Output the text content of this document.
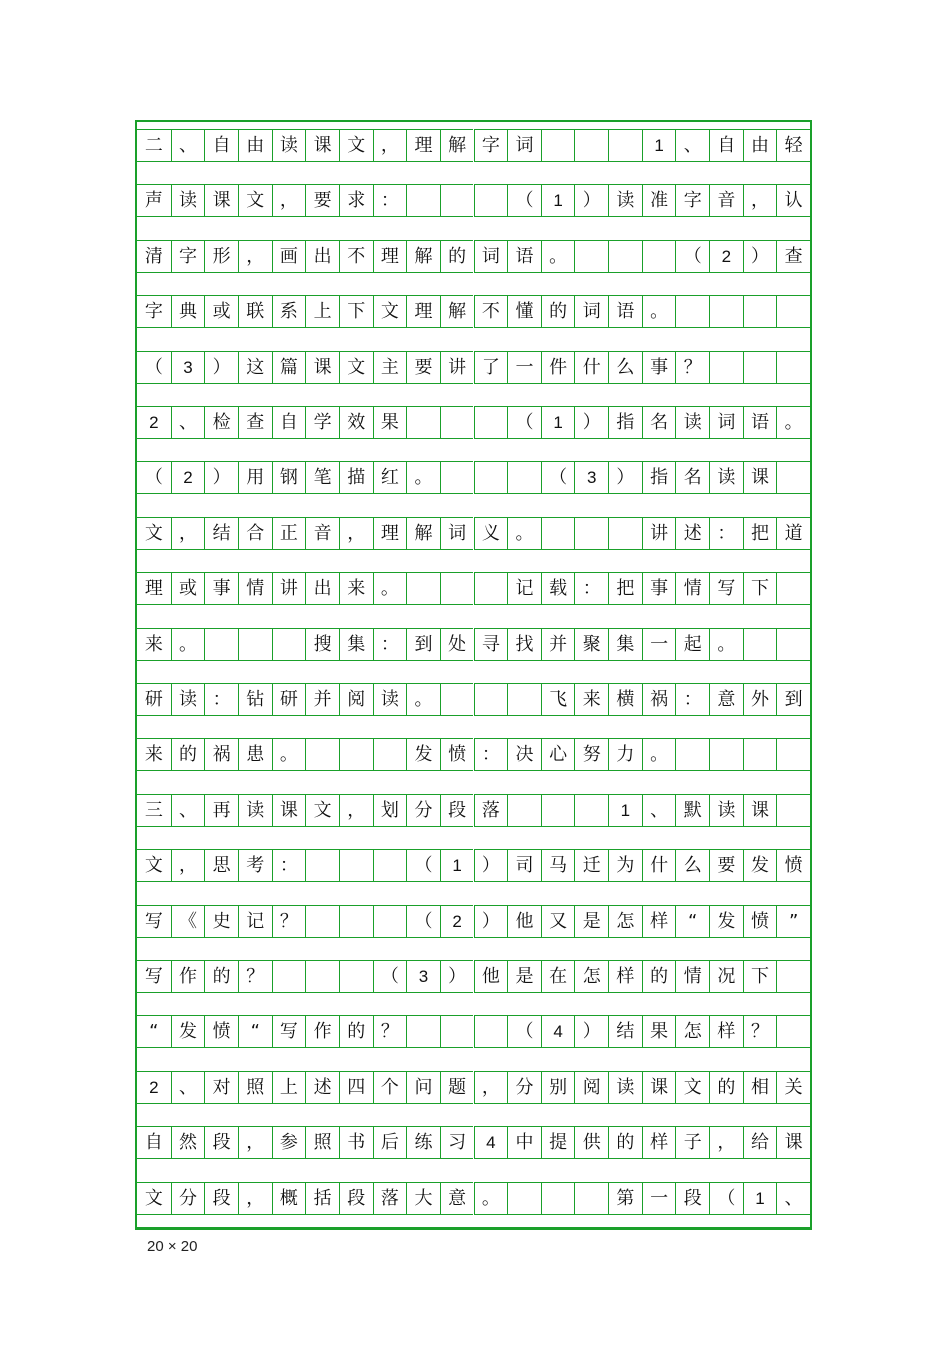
二 、 自 由 读 课 文 ， 理 解 字 词	1	、 自 由 轻
声 读 课 文 ， 要 求 ：	（	1	） 读 准 字 音 ， 认
清 字 形 ， 画 出 不 理 解 的 词 语 。	（	2	） 查
字 典 或 联 系 上 下 文 理 解 不 懂 的 词 语 。
（	3	） 这 篇 课 文 主 要 讲 了 一 件 什 么 事 ？
2	、 检 查 自 学 效 果	（	1	） 指 名 读 词 语 。
（	2	） 用 钢 笔 描 红 。	（	3	） 指 名 读 课
文 ， 结 合 正 音 ， 理 解 词 义 。	讲 述 ： 把 道
理 或 事 情 讲 出 来 。	记 载 ： 把 事 情 写 下
来 。	搜 集 ： 到 处 寻 找 并 聚 集 一 起 。
研 读 ： 钻 研 并 阅 读 。	飞 来 横 祸 ： 意 外 到
来 的 祸 患 。	发 愤 ： 决 心 努 力 。
三 、 再 读 课 文 ， 划 分 段 落	1	、 默 读 课
文 ， 思 考 ：	（	1	） 司 马 迁 为 什 么 要 发 愤
写 《 史 记 ？	（	2	） 他 又 是 怎 样	“	发 愤	”
写 作 的 ？	（	3	） 他 是 在 怎 样 的 情 况 下
“	发 愤	“	写 作 的 ？	（	4	） 结 果 怎 样 ？
2	、 对 照 上 述 四 个 问 题 ， 分 别 阅 读 课 文 的 相 关
自 然 段 ， 参 照 书 后 练 习	4	中 提 供 的 样 子 ， 给 课
文 分 段 ， 概 括 段 落 大 意 。	第 一 段 （	1	、
20 × 20
